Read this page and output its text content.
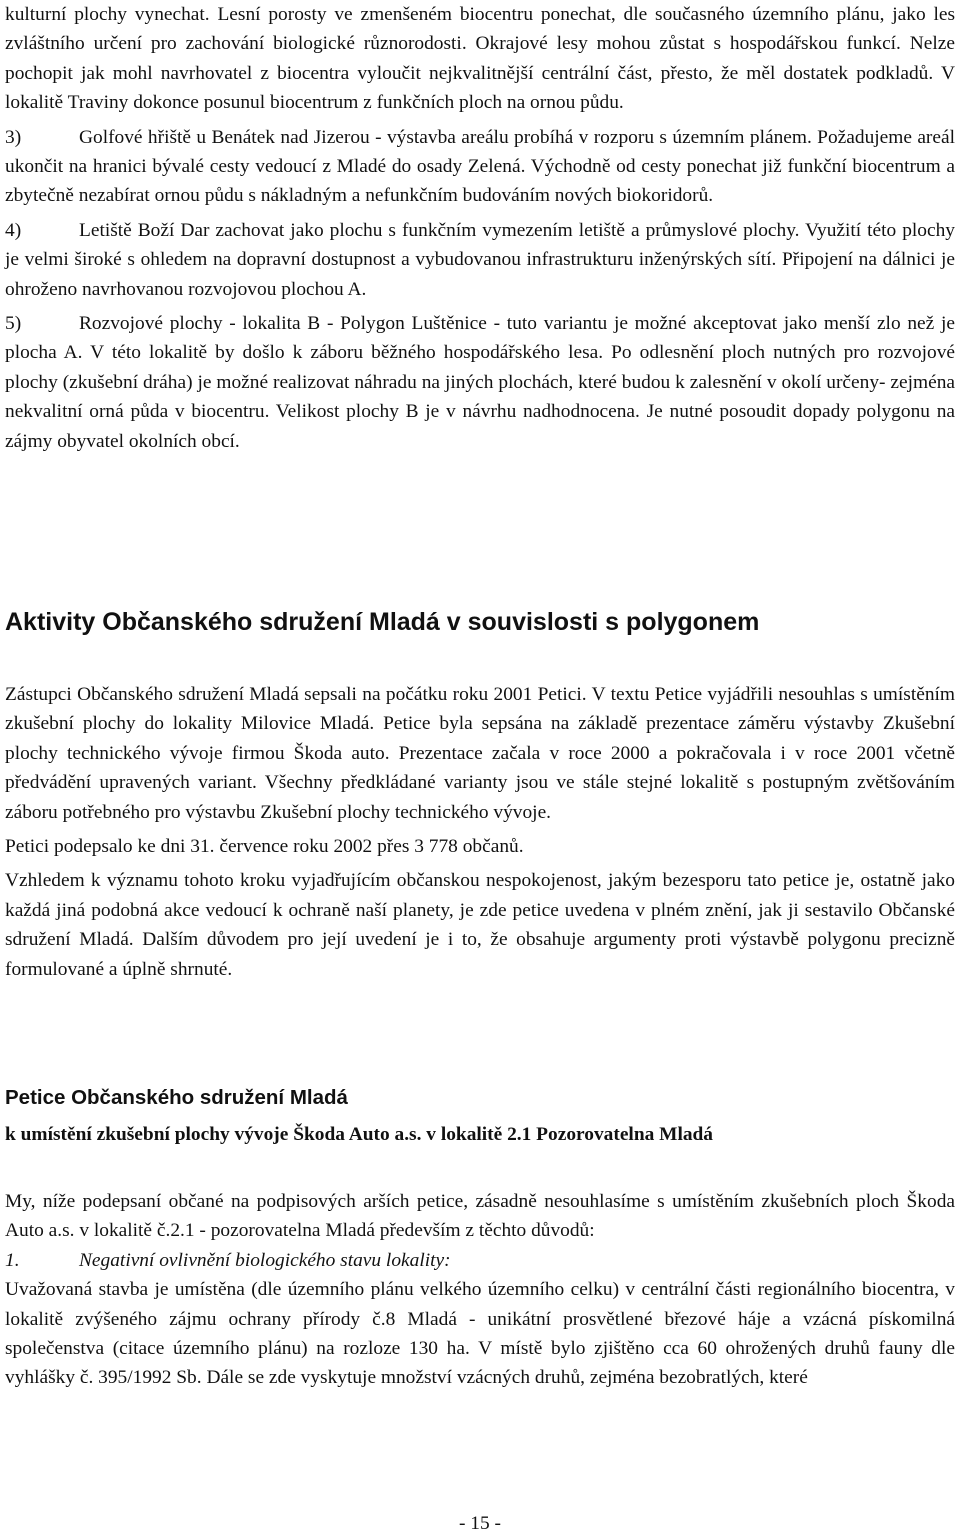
kulturní plochy vynechat. Lesní porosty ve zmenšeném biocentru ponechat, dle současného územního plánu, jako les zvláštního určení pro zachování biologické různorodosti. Okrajové lesy mohou zůstat s hospodářskou funkcí. Nelze pochopit jak mohl navrhovatel z biocentra vyloučit nejkvalitnější centrální část, přesto, že měl dostatek podkladů. V lokalitě Traviny dokonce posunul biocentrum z funkčních ploch na ornou půdu.

3)	Golfové hřiště u Benátek nad Jizerou - výstavba areálu probíhá v rozporu s územním plánem. Požadujeme areál ukončit na hranici bývalé cesty vedoucí z Mladé do osady Zelená. Východně od cesty ponechat již funkční biocentrum a zbytečně nezabírat ornou půdu s nákladným a nefunkčním budováním nových biokoridorů.

4)	Letiště Boží Dar zachovat jako plochu s funkčním vymezením letiště a průmyslové plochy. Využití této plochy je velmi široké s ohledem na dopravní dostupnost a vybudovanou infrastrukturu inženýrských sítí. Připojení na dálnici je ohroženo navrhovanou rozvojovou plochou A.

5)	Rozvojové plochy - lokalita B - Polygon Luštěnice - tuto variantu je možné akceptovat jako menší zlo než je plocha A. V této lokalitě by došlo k záboru běžného hospodářského lesa. Po odlesnění ploch nutných pro rozvojové plochy (zkušební dráha) je možné realizovat náhradu na jiných plochách, které budou k zalesnění v okolí určeny- zejména nekvalitní orná půda v biocentru. Velikost plochy B je v návrhu nadhodnocena. Je nutné posoudit dopady polygonu na zájmy obyvatel okolních obcí.

Aktivity Občanského sdružení Mladá v souvislosti s polygonem

Zástupci Občanského sdružení Mladá sepsali na počátku roku 2001 Petici. V textu Petice vyjádřili nesouhlas s umístěním zkušební plochy do lokality Milovice Mladá. Petice byla sepsána na základě prezentace záměru výstavby Zkušební plochy technického vývoje firmou Škoda auto. Prezentace začala v roce 2000 a pokračovala i v roce 2001 včetně předvádění upravených variant. Všechny předkládané varianty jsou ve stále stejné lokalitě s postupným zvětšováním záboru potřebného pro výstavbu Zkušební plochy technického vývoje.

Petici podepsalo ke dni 31. července roku 2002 přes 3 778 občanů.

Vzhledem k významu tohoto kroku vyjadřujícím občanskou nespokojenost, jakým bezesporu tato petice je, ostatně jako každá jiná podobná akce vedoucí k ochraně naší planety, je zde petice uvedena v plném znění, jak ji sestavilo Občanské sdružení Mladá. Dalším důvodem pro její uvedení je i to, že obsahuje argumenty proti výstavbě polygonu precizně formulované a úplně shrnuté.

Petice Občanského sdružení Mladá
k umístění zkušební plochy vývoje Škoda Auto a.s. v lokalitě 2.1 Pozorovatelna Mladá

My, níže podepsaní občané na podpisových arších petice, zásadně nesouhlasíme s umístěním zkušebních ploch Škoda Auto a.s. v lokalitě č.2.1 - pozorovatelna Mladá především z těchto důvodů:

1.	Negativní ovlivnění biologického stavu lokality:

Uvažovaná stavba je umístěna (dle územního plánu velkého územního celku) v centrální části regionálního biocentra, v lokalitě zvýšeného zájmu ochrany přírody č.8 Mladá - unikátní prosvětlené březové háje a vzácná pískomilná společenstva (citace územního plánu) na rozloze 130 ha. V místě bylo zjištěno cca 60 ohrožených druhů fauny dle vyhlášky č. 395/1992 Sb. Dále se zde vyskytuje množství vzácných druhů, zejména bezobratlých, které

- 15 -
